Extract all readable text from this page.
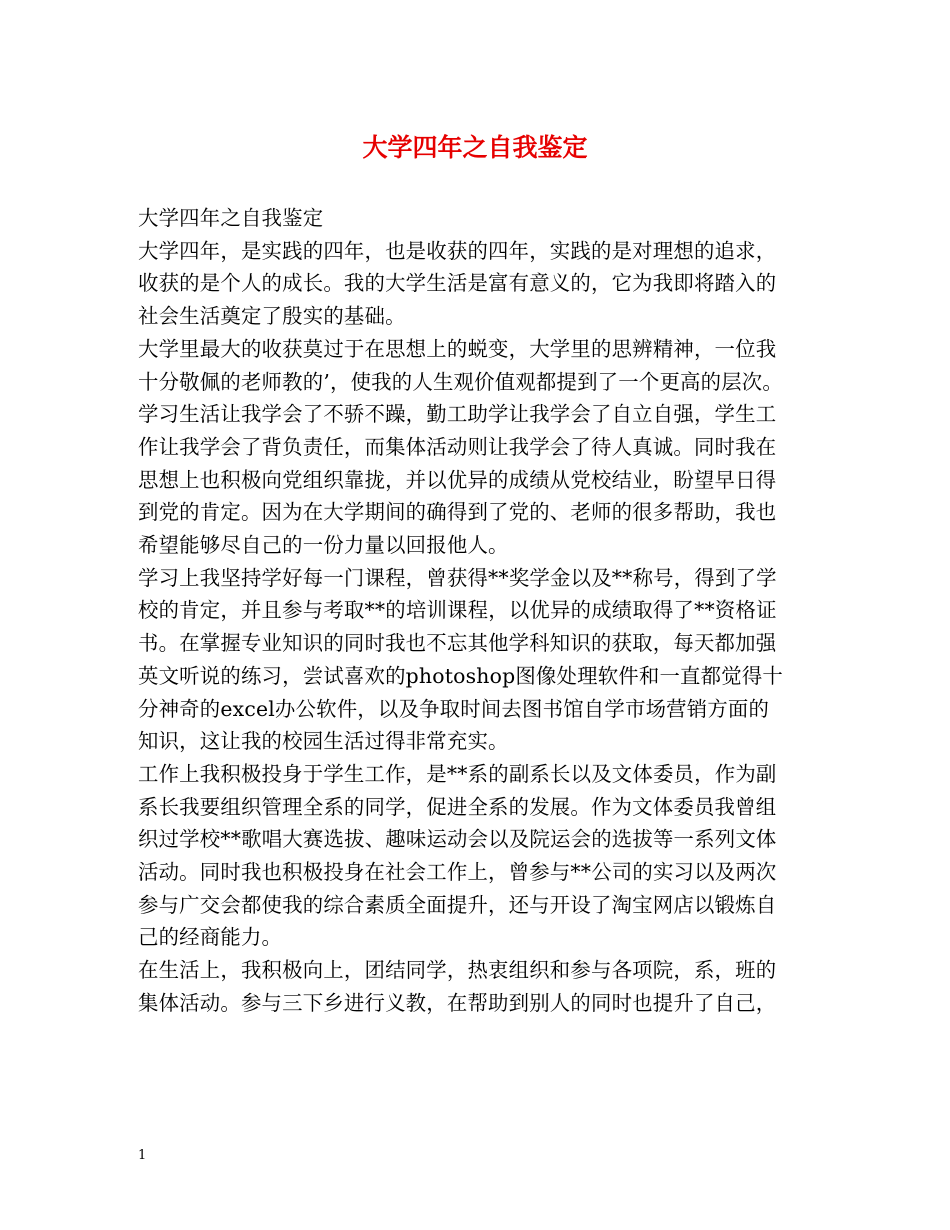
大学四年之自我鉴定

大学四年之自我鉴定

大学四年，是实践的四年，也是收获的四年，实践的是对理想的追求，

收获的是个人的成长。我的大学生活是富有意义的，它为我即将踏入的

社会生活奠定了殷实的基础。

大学里最大的收获莫过于在思想上的蜕变，大学里的思辨精神，一位我

十分敬佩的老师教的’，使我的人生观价值观都提到了一个更高的层次。

学习生活让我学会了不骄不躁，勤工助学让我学会了自立自强，学生工

作让我学会了背负责任，而集体活动则让我学会了待人真诚。同时我在

思想上也积极向党组织靠拢，并以优异的成绩从党校结业，盼望早日得

到党的肯定。因为在大学期间的确得到了党的、老师的很多帮助，我也

希望能够尽自己的一份力量以回报他人。

学习上我坚持学好每一门课程，曾获得**奖学金以及**称号，得到了学

校的肯定，并且参与考取**的培训课程，以优异的成绩取得了**资格证

书。在掌握专业知识的同时我也不忘其他学科知识的获取，每天都加强

英文听说的练习，尝试喜欢的photoshop图像处理软件和一直都觉得十

分神奇的excel办公软件，以及争取时间去图书馆自学市场营销方面的

知识，这让我的校园生活过得非常充实。

工作上我积极投身于学生工作，是**系的副系长以及文体委员，作为副

系长我要组织管理全系的同学，促进全系的发展。作为文体委员我曾组

织过学校**歌唱大赛选拔、趣味运动会以及院运会的选拔等一系列文体

活动。同时我也积极投身在社会工作上，曾参与**公司的实习以及两次

参与广交会都使我的综合素质全面提升，还与开设了淘宝网店以锻炼自

己的经商能力。

在生活上，我积极向上，团结同学，热衷组织和参与各项院，系，班的

集体活动。参与三下乡进行义教，在帮助到别人的同时也提升了自己，

1
